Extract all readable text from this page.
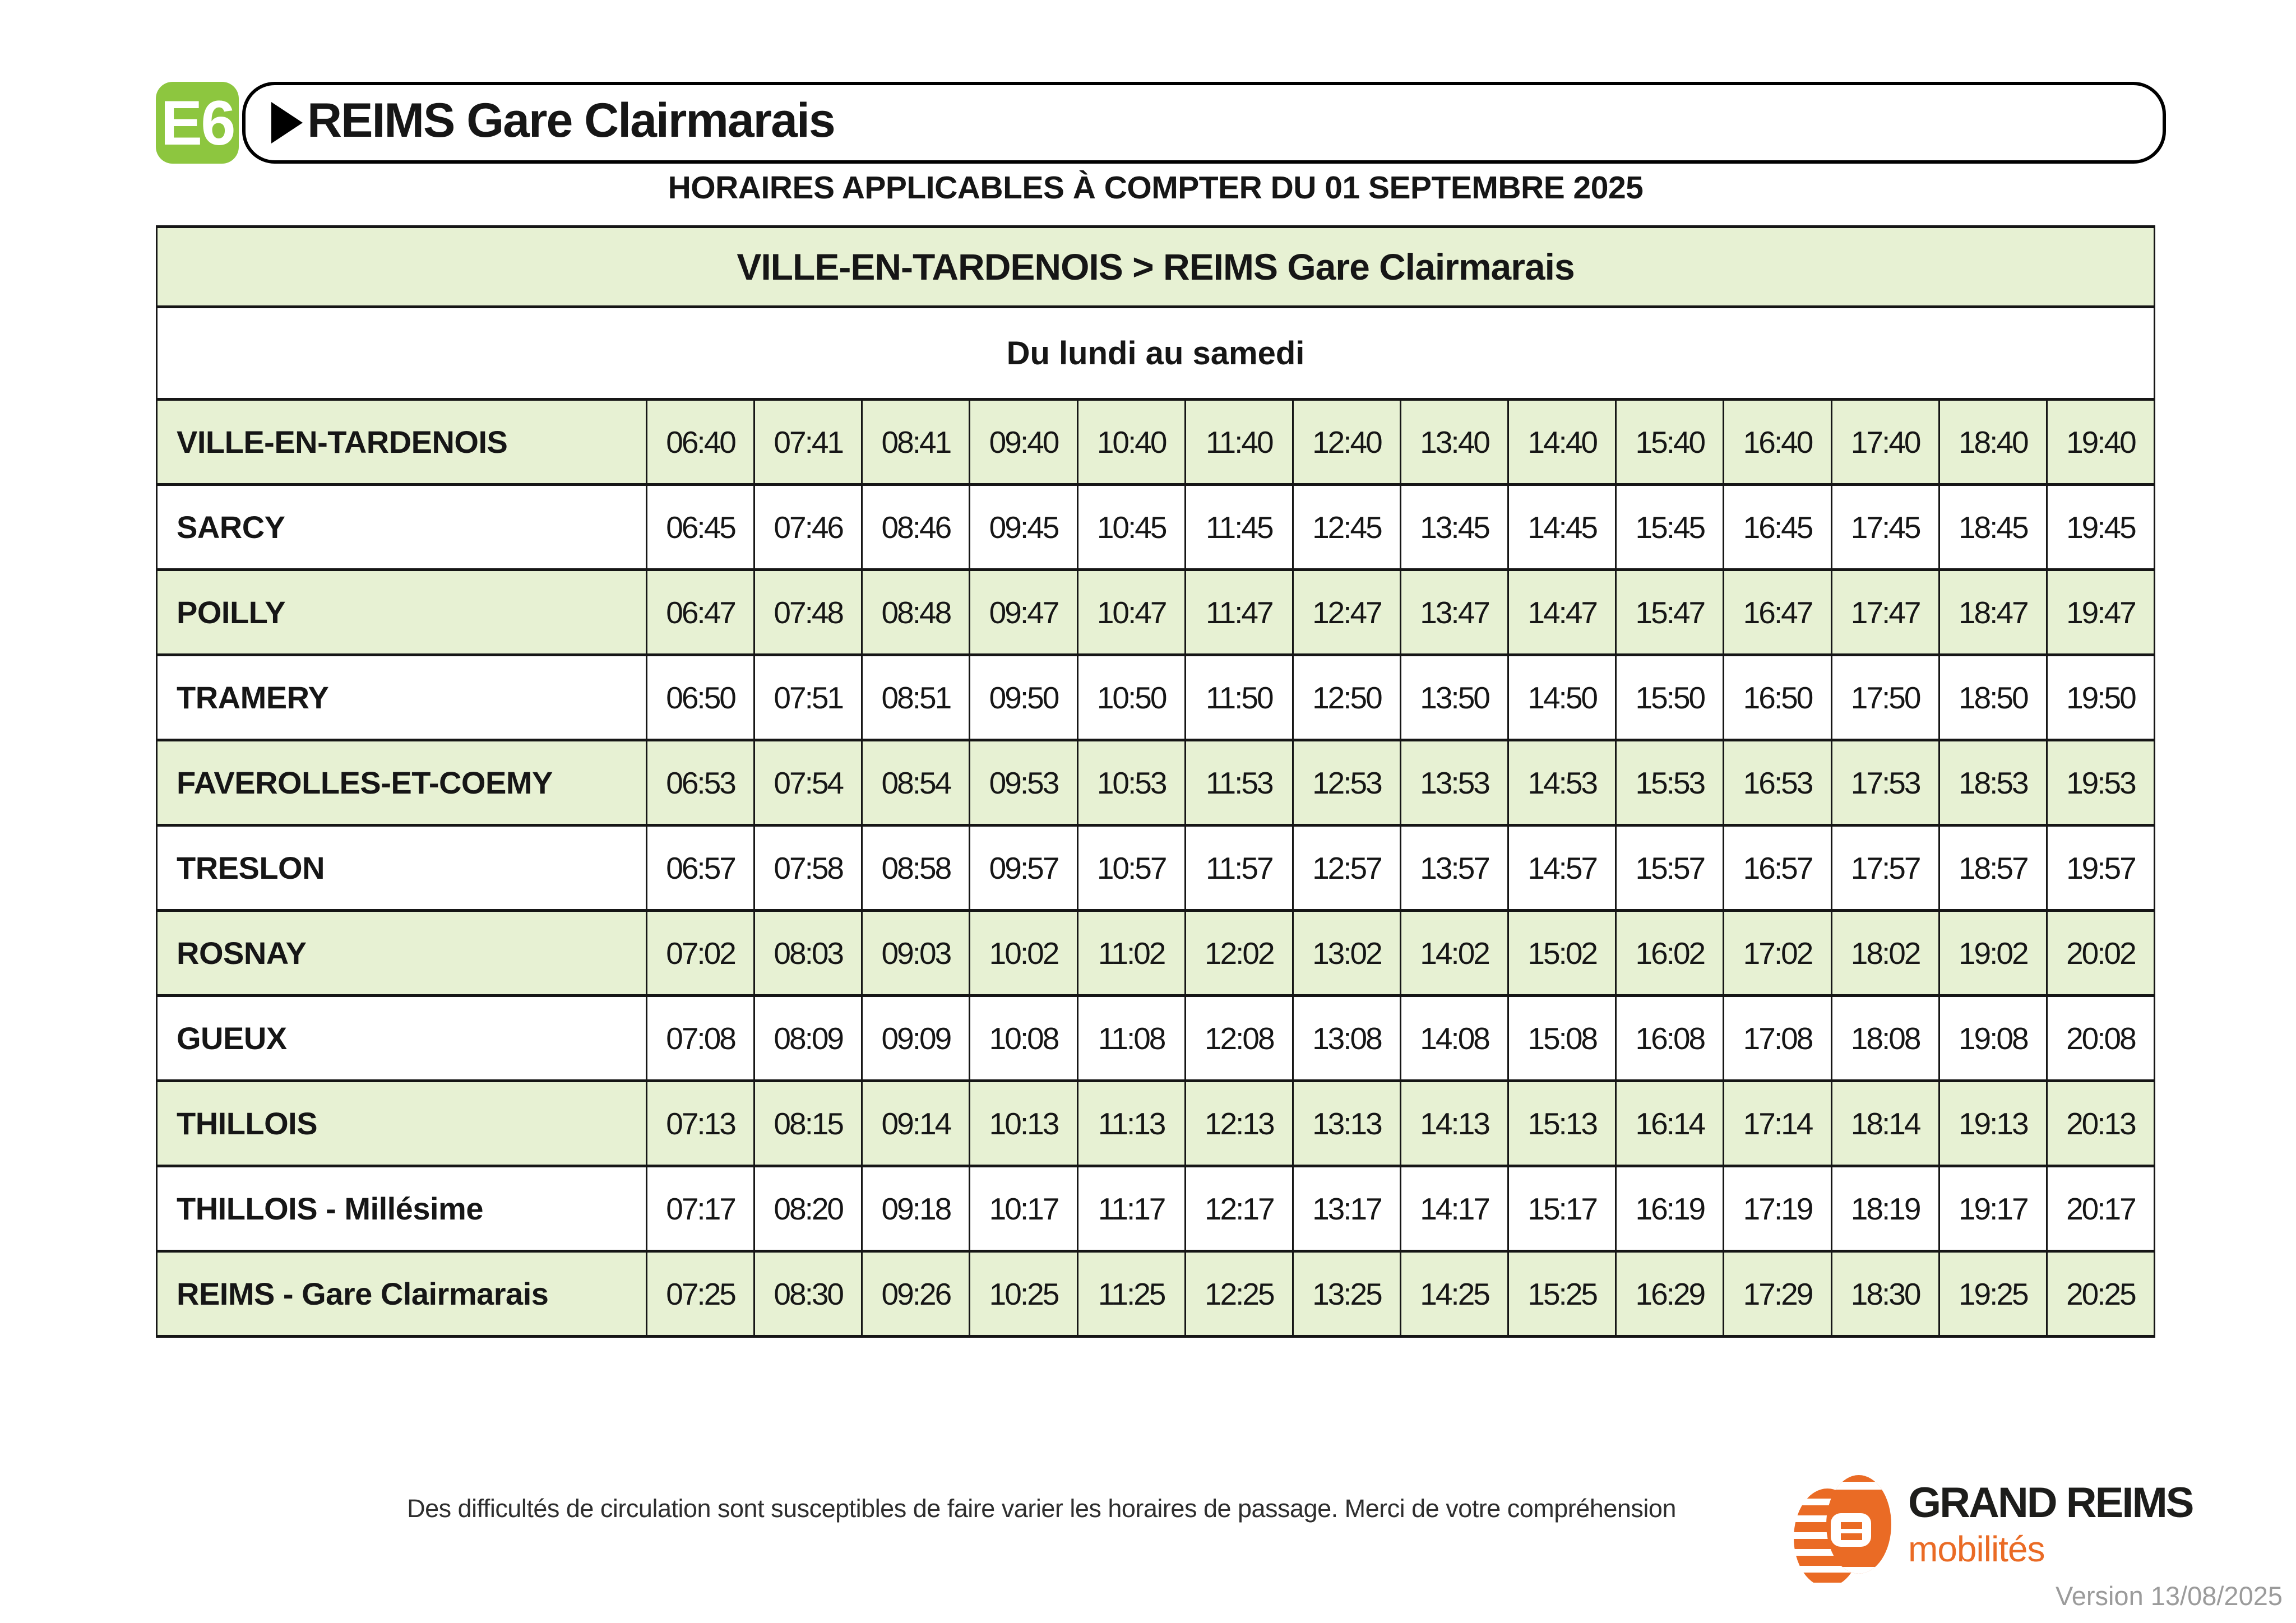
E6 REIMS Gare Clairmarais
HORAIRES APPLICABLES À COMPTER DU 01 SEPTEMBRE 2025
VILLE-EN-TARDENOIS > REIMS Gare Clairmarais														
Du lundi au samedi														
VILLE-EN-TARDENOIS	06:40	07:41	08:41	09:40	10:40	11:40	12:40	13:40	14:40	15:40	16:40	17:40	18:40	19:40
SARCY	06:45	07:46	08:46	09:45	10:45	11:45	12:45	13:45	14:45	15:45	16:45	17:45	18:45	19:45
POILLY	06:47	07:48	08:48	09:47	10:47	11:47	12:47	13:47	14:47	15:47	16:47	17:47	18:47	19:47
TRAMERY	06:50	07:51	08:51	09:50	10:50	11:50	12:50	13:50	14:50	15:50	16:50	17:50	18:50	19:50
FAVEROLLES-ET-COEMY	06:53	07:54	08:54	09:53	10:53	11:53	12:53	13:53	14:53	15:53	16:53	17:53	18:53	19:53
TRESLON	06:57	07:58	08:58	09:57	10:57	11:57	12:57	13:57	14:57	15:57	16:57	17:57	18:57	19:57
ROSNAY	07:02	08:03	09:03	10:02	11:02	12:02	13:02	14:02	15:02	16:02	17:02	18:02	19:02	20:02
GUEUX	07:08	08:09	09:09	10:08	11:08	12:08	13:08	14:08	15:08	16:08	17:08	18:08	19:08	20:08
THILLOIS	07:13	08:15	09:14	10:13	11:13	12:13	13:13	14:13	15:13	16:14	17:14	18:14	19:13	20:13
THILLOIS - Millésime	07:17	08:20	09:18	10:17	11:17	12:17	13:17	14:17	15:17	16:19	17:19	18:19	19:17	20:17
REIMS - Gare Clairmarais	07:25	08:30	09:26	10:25	11:25	12:25	13:25	14:25	15:25	16:29	17:29	18:30	19:25	20:25
Des difficultés de circulation sont susceptibles de faire varier les horaires de passage. Merci de votre compréhension	GRAND REIMS
mobilités
Version 13/08/2025
